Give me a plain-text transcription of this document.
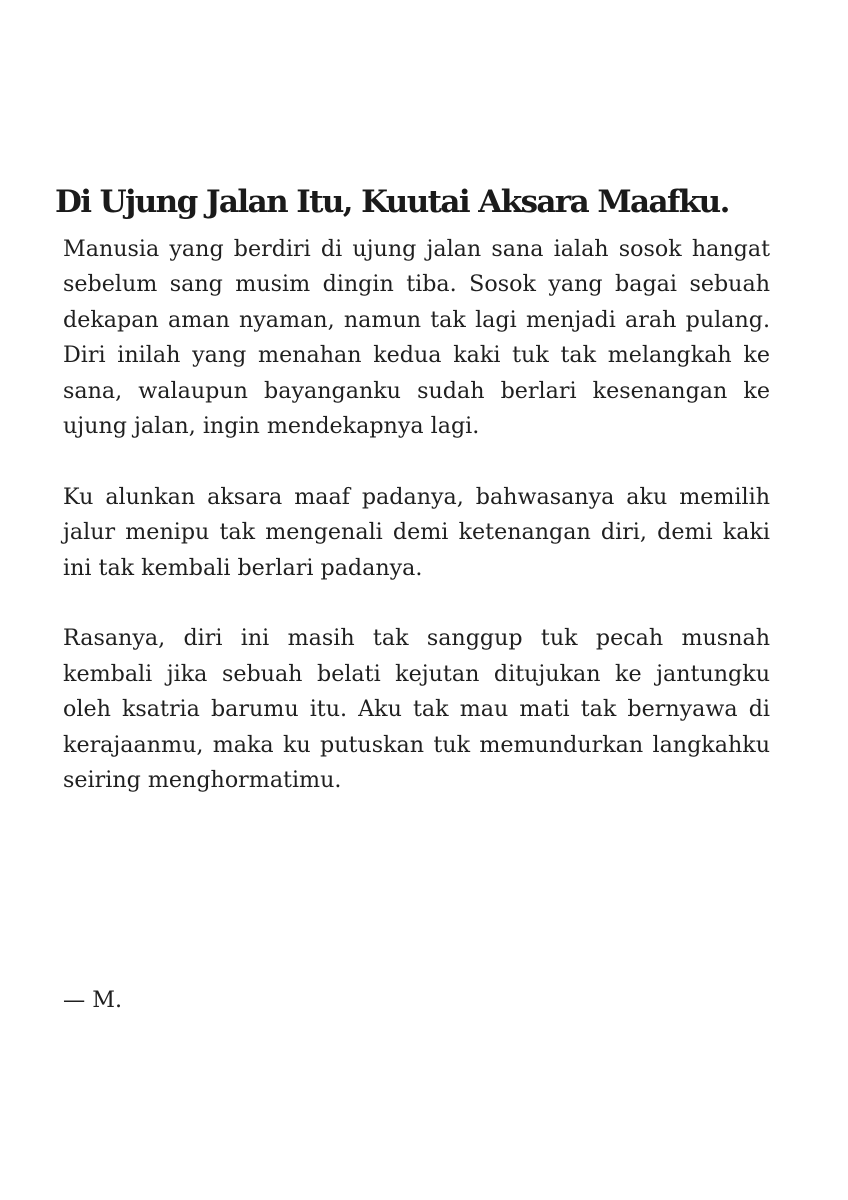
Di Ujung Jalan Itu, Kuutai Aksara Maafku.

Manusia yang berdiri di ujung jalan sana ialah sosok hangat sebelum sang musim dingin tiba. Sosok yang bagai sebuah dekapan aman nyaman, namun tak lagi menjadi arah pulang. Diri inilah yang menahan kedua kaki tuk tak melangkah ke sana, walaupun bayanganku sudah berlari kesenangan ke ujung jalan, ingin mendekapnya lagi.

Ku alunkan aksara maaf padanya, bahwasanya aku memilih jalur menipu tak mengenali demi ketenangan diri, demi kaki ini tak kembali berlari padanya.

Rasanya, diri ini masih tak sanggup tuk pecah musnah kembali jika sebuah belati kejutan ditujukan ke jantungku oleh ksatria barumu itu. Aku tak mau mati tak bernyawa di kerajaanmu, maka ku putuskan tuk memundurkan langkahku seiring menghormatimu.

— M.
